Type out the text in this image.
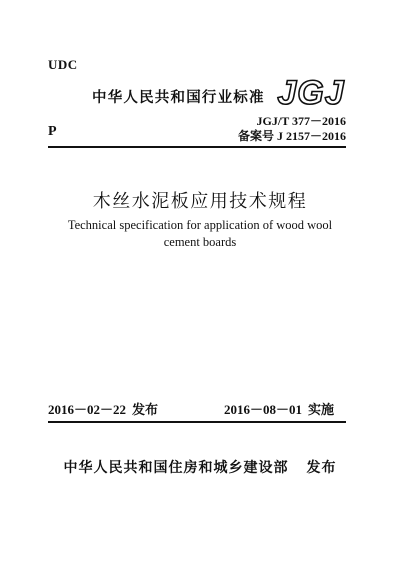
UDC
中华人民共和国行业标准 JGJ
P
JGJ/T 377－2016
备案号 J 2157－2016
木丝水泥板应用技术规程
Technical specification for application of wood wool
cement boards
2016－02－22 发布	2016－08－01 实施
中华人民共和国住房和城乡建设部 发布
